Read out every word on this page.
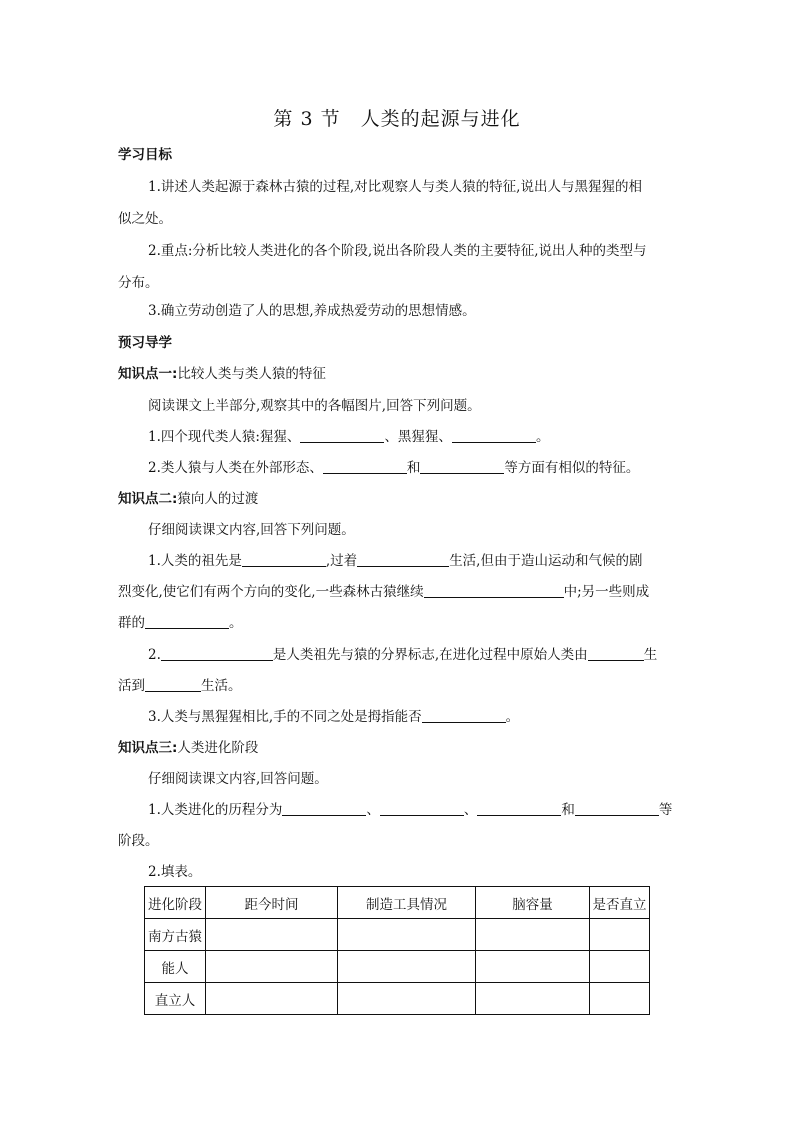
第 3 节　人类的起源与进化
学习目标
1.讲述人类起源于森林古猿的过程,对比观察人与类人猿的特征,说出人与黑猩猩的相
似之处。
2.重点:分析比较人类进化的各个阶段,说出各阶段人类的主要特征,说出人种的类型与
分布。
3.确立劳动创造了人的思想,养成热爱劳动的思想情感。
预习导学
知识点一:比较人类与类人猿的特征
阅读课文上半部分,观察其中的各幅图片,回答下列问题。
1.四个现代类人猿:猩猩、	、黑猩猩、	。
2.类人猿与人类在外部形态、	和	等方面有相似的特征。
知识点二:猿向人的过渡
仔细阅读课文内容,回答下列问题。
1.人类的祖先是	,过着	生活,但由于造山运动和气候的剧
烈变化,使它们有两个方向的变化,一些森林古猿继续	中;另一些则成
群的	。
2.	是人类祖先与猿的分界标志,在进化过程中原始人类由	生
活到	生活。
3.人类与黑猩猩相比,手的不同之处是拇指能否	。
知识点三:人类进化阶段
仔细阅读课文内容,回答问题。
1.人类进化的历程分为	、	、	和	等
阶段。
2.填表。
进化阶段	距今时间	制造工具情况	脑容量	是否直立
南方古猿				
能人				
直立人				
